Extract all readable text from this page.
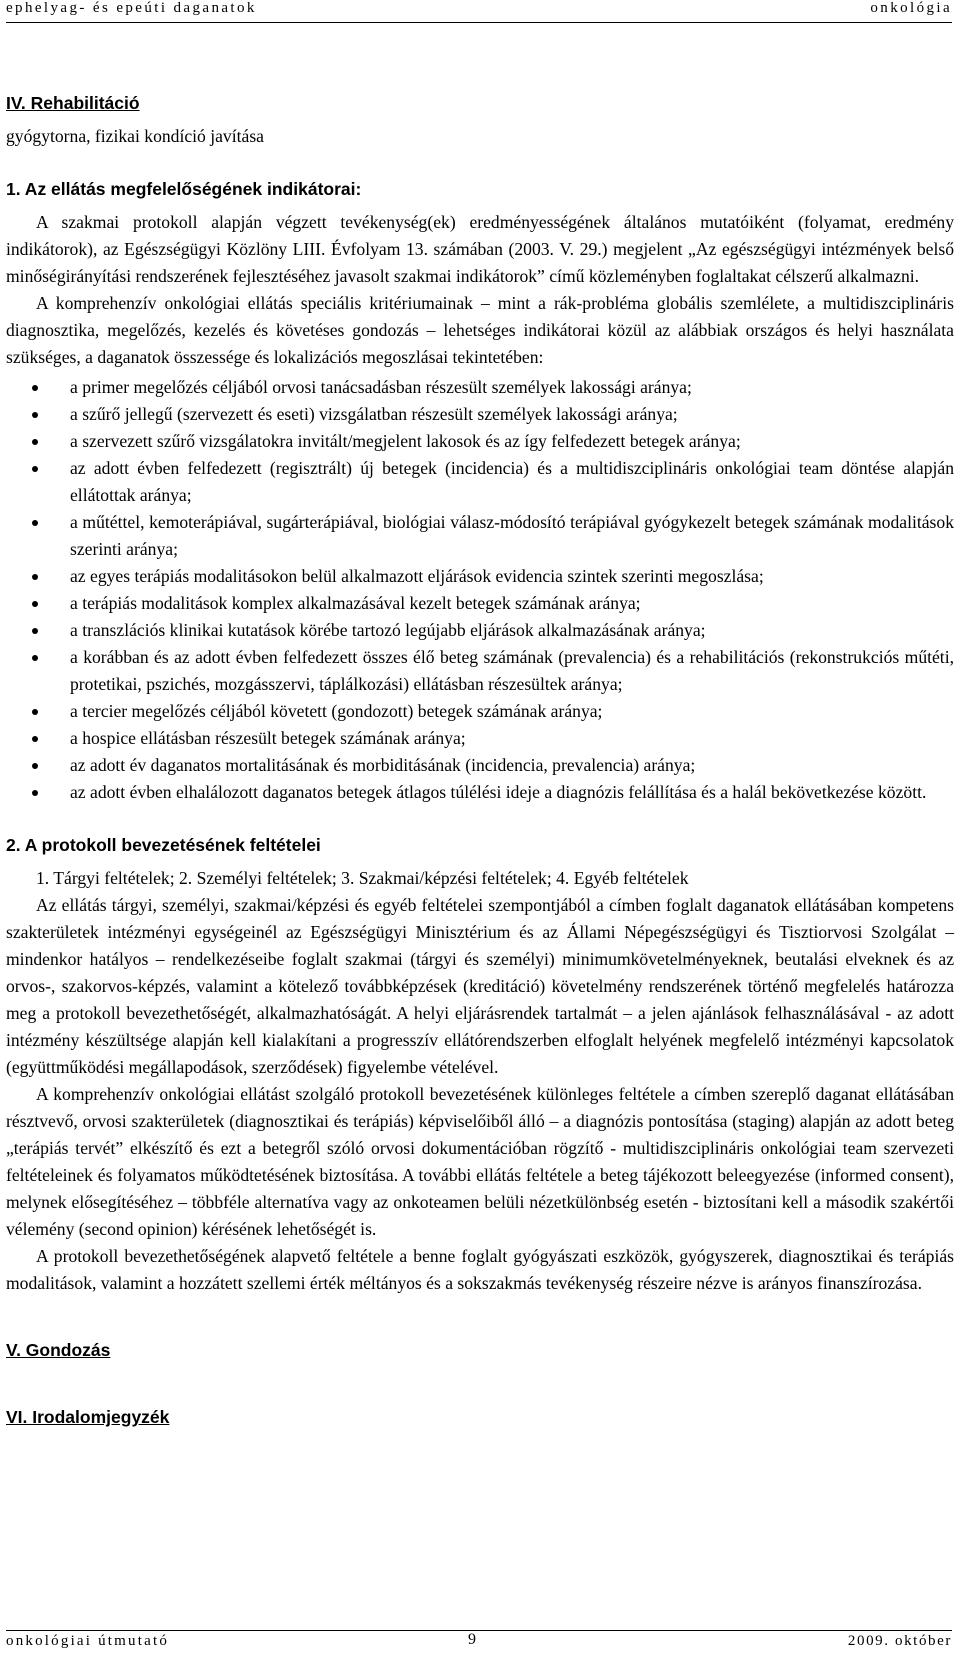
ephelyag- és epeúti daganatok	onkológia
IV. Rehabilitáció

gyógytorna, fizikai kondíció javítása

1. Az ellátás megfelelőségének indikátorai:

A szakmai protokoll alapján végzett tevékenység(ek) eredményességének általános mutatóiként (folyamat, eredmény indikátorok), az Egészségügyi Közlöny LIII. Évfolyam 13. számában (2003. V. 29.) megjelent „Az egészségügyi intézmények belső minőségirányítási rendszerének fejlesztéséhez javasolt szakmai indikátorok” című közleményben foglaltakat célszerű alkalmazni.

A komprehenzív onkológiai ellátás speciális kritériumainak – mint a rák-probléma globális szemlélete, a multidiszciplináris diagnosztika, megelőzés, kezelés és követéses gondozás – lehetséges indikátorai közül az alábbiak országos és helyi használata szükséges, a daganatok összessége és lokalizációs megoszlásai tekintetében:

a primer megelőzés céljából orvosi tanácsadásban részesült személyek lakossági aránya;
a szűrő jellegű (szervezett és eseti) vizsgálatban részesült személyek lakossági aránya;
a szervezett szűrő vizsgálatokra invitált/megjelent lakosok és az így felfedezett betegek aránya;
az adott évben felfedezett (regisztrált) új betegek (incidencia) és a multidiszciplináris onkológiai team döntése alapján ellátottak aránya;
a műtéttel, kemoterápiával, sugárterápiával, biológiai válasz-módosító terápiával gyógykezelt betegek számának modalitások szerinti aránya;
az egyes terápiás modalitásokon belül alkalmazott eljárások evidencia szintek szerinti megoszlása;
a terápiás modalitások komplex alkalmazásával kezelt betegek számának aránya;
a transzlációs klinikai kutatások körébe tartozó legújabb eljárások alkalmazásának aránya;
a korábban és az adott évben felfedezett összes élő beteg számának (prevalencia) és a rehabilitációs (rekonstrukciós műtéti, protetikai, pszichés, mozgásszervi, táplálkozási) ellátásban részesültek aránya;
a tercier megelőzés céljából követett (gondozott) betegek számának aránya;
a hospice ellátásban részesült betegek számának aránya;
az adott év daganatos mortalitásának és morbiditásának (incidencia, prevalencia) aránya;
az adott évben elhalálozott daganatos betegek átlagos túlélési ideje a diagnózis felállítása és a halál bekövetkezése között.
2. A protokoll bevezetésének feltételei

1. Tárgyi feltételek; 2. Személyi feltételek; 3. Szakmai/képzési feltételek; 4. Egyéb feltételek

Az ellátás tárgyi, személyi, szakmai/képzési és egyéb feltételei szempontjából a címben foglalt daganatok ellátásában kompetens szakterületek intézményi egységeinél az Egészségügyi Minisztérium és az Állami Népegészségügyi és Tisztiorvosi Szolgálat – mindenkor hatályos – rendelkezéseibe foglalt szakmai (tárgyi és személyi) minimumkövetelményeknek, beutalási elveknek és az orvos-, szakorvos-képzés, valamint a kötelező továbbképzések (kreditáció) követelmény rendszerének történő megfelelés határozza meg a protokoll bevezethetőségét, alkalmazhatóságát. A helyi eljárásrendek tartalmát – a jelen ajánlások felhasználásával - az adott intézmény készültsége alapján kell kialakítani a progresszív ellátórendszerben elfoglalt helyének megfelelő intézményi kapcsolatok (együttműködési megállapodások, szerződések) figyelembe vételével.

A komprehenzív onkológiai ellátást szolgáló protokoll bevezetésének különleges feltétele a címben szereplő daganat ellátásában résztvevő, orvosi szakterületek (diagnosztikai és terápiás) képviselőiből álló – a diagnózis pontosítása (staging) alapján az adott beteg „terápiás tervét” elkészítő és ezt a betegről szóló orvosi dokumentációban rögzítő - multidiszciplináris onkológiai team szervezeti feltételeinek és folyamatos működtetésének biztosítása. A további ellátás feltétele a beteg tájékozott beleegyezése (informed consent), melynek elősegítéséhez – többféle alternatíva vagy az onkoteamen belüli nézetkülönbség esetén - biztosítani kell a második szakértői vélemény (second opinion) kérésének lehetőségét is.

A protokoll bevezethetőségének alapvető feltétele a benne foglalt gyógyászati eszközök, gyógyszerek, diagnosztikai és terápiás modalitások, valamint a hozzátett szellemi érték méltányos és a sokszakmás tevékenység részeire nézve is arányos finanszírozása.

V. Gondozás
VI. Irodalomjegyzék
onkológiai útmutató	9	2009. október
